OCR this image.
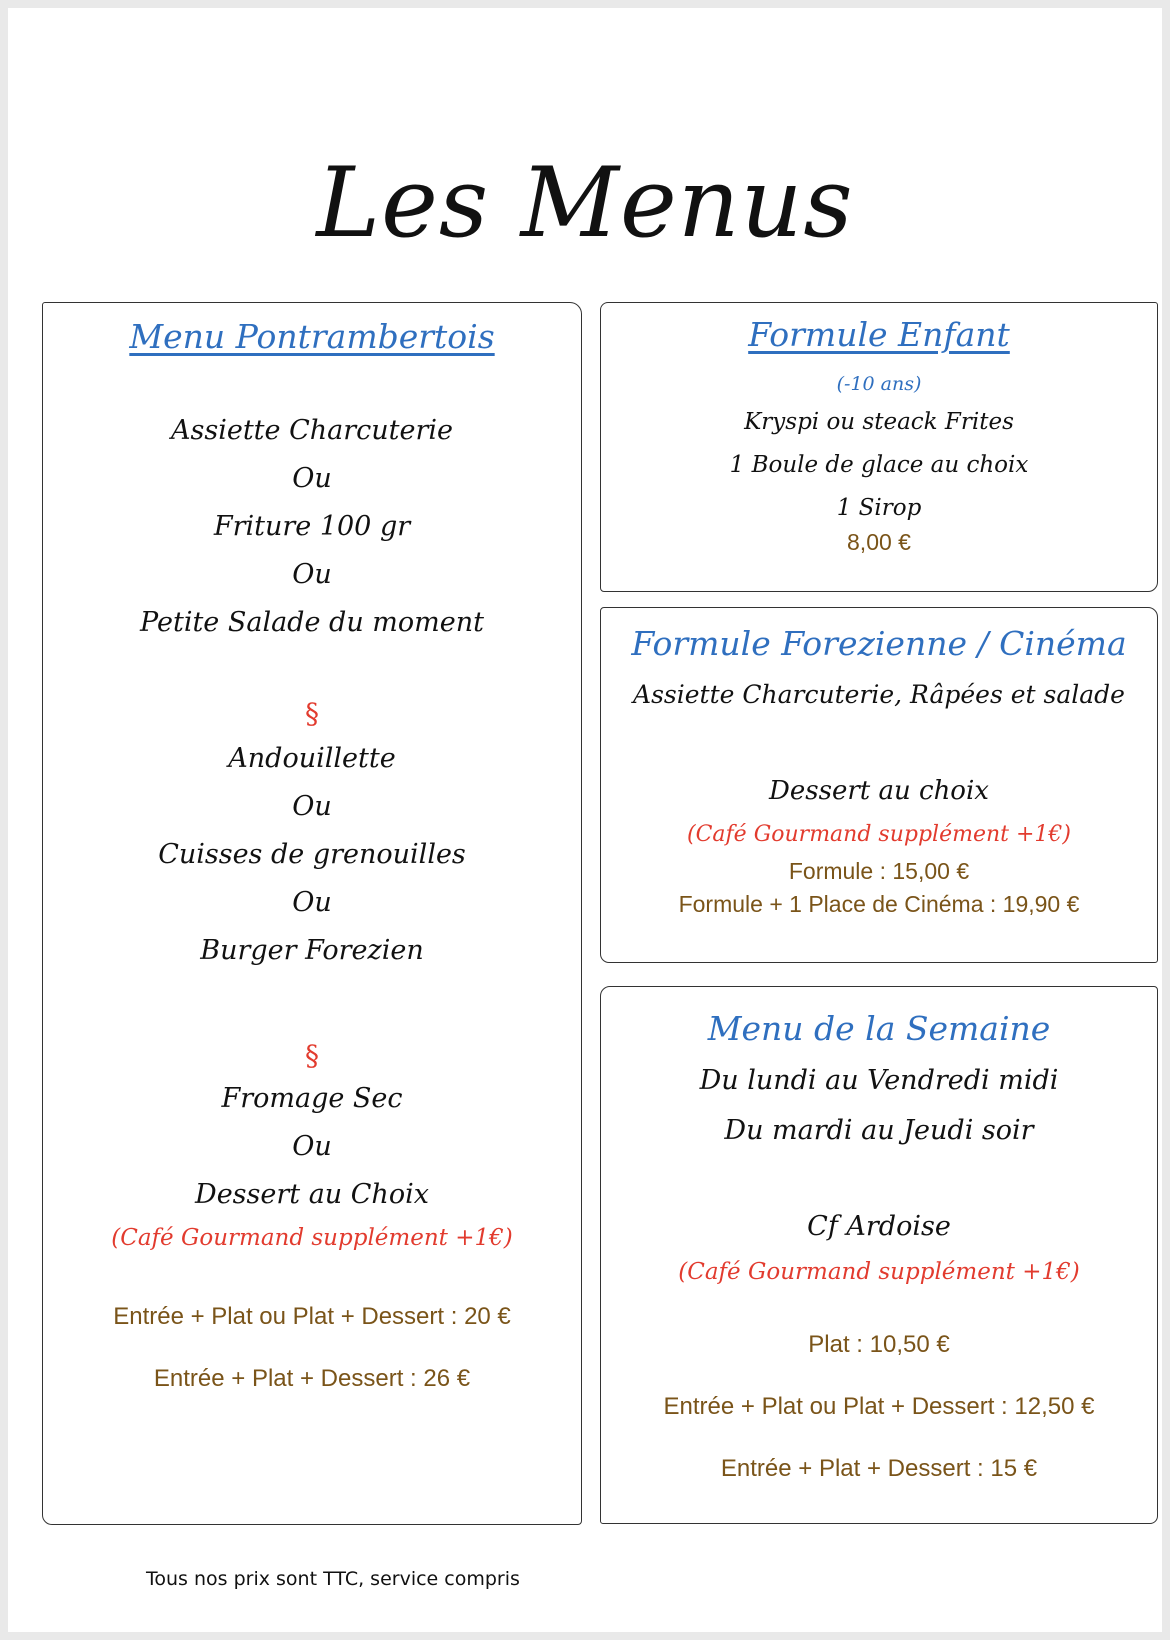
Les Menus
Menu Pontrambertois
Assiette Charcuterie
Ou
Friture 100 gr
Ou
Petite Salade du moment
§
Andouillette
Ou
Cuisses de grenouilles
Ou
Burger Forezien
§
Fromage Sec
Ou
Dessert au Choix
(Café Gourmand supplément +1€)
Entrée + Plat ou Plat + Dessert : 20 €
Entrée + Plat + Dessert : 26 €
Formule Enfant
(-10 ans)
Kryspi ou steack Frites
1 Boule de glace au choix
1 Sirop
8,00 €
Formule Forezienne / Cinéma
Assiette Charcuterie, Râpées et salade
Dessert au choix
(Café Gourmand supplément +1€)
Formule : 15,00 €
Formule + 1 Place de Cinéma : 19,90 €
Menu de la Semaine
Du lundi au Vendredi midi
Du mardi au Jeudi soir
Cf Ardoise
(Café Gourmand supplément +1€)
Plat : 10,50 €
Entrée + Plat ou Plat + Dessert : 12,50 €
Entrée + Plat + Dessert : 15 €
Tous nos prix sont TTC, service compris
